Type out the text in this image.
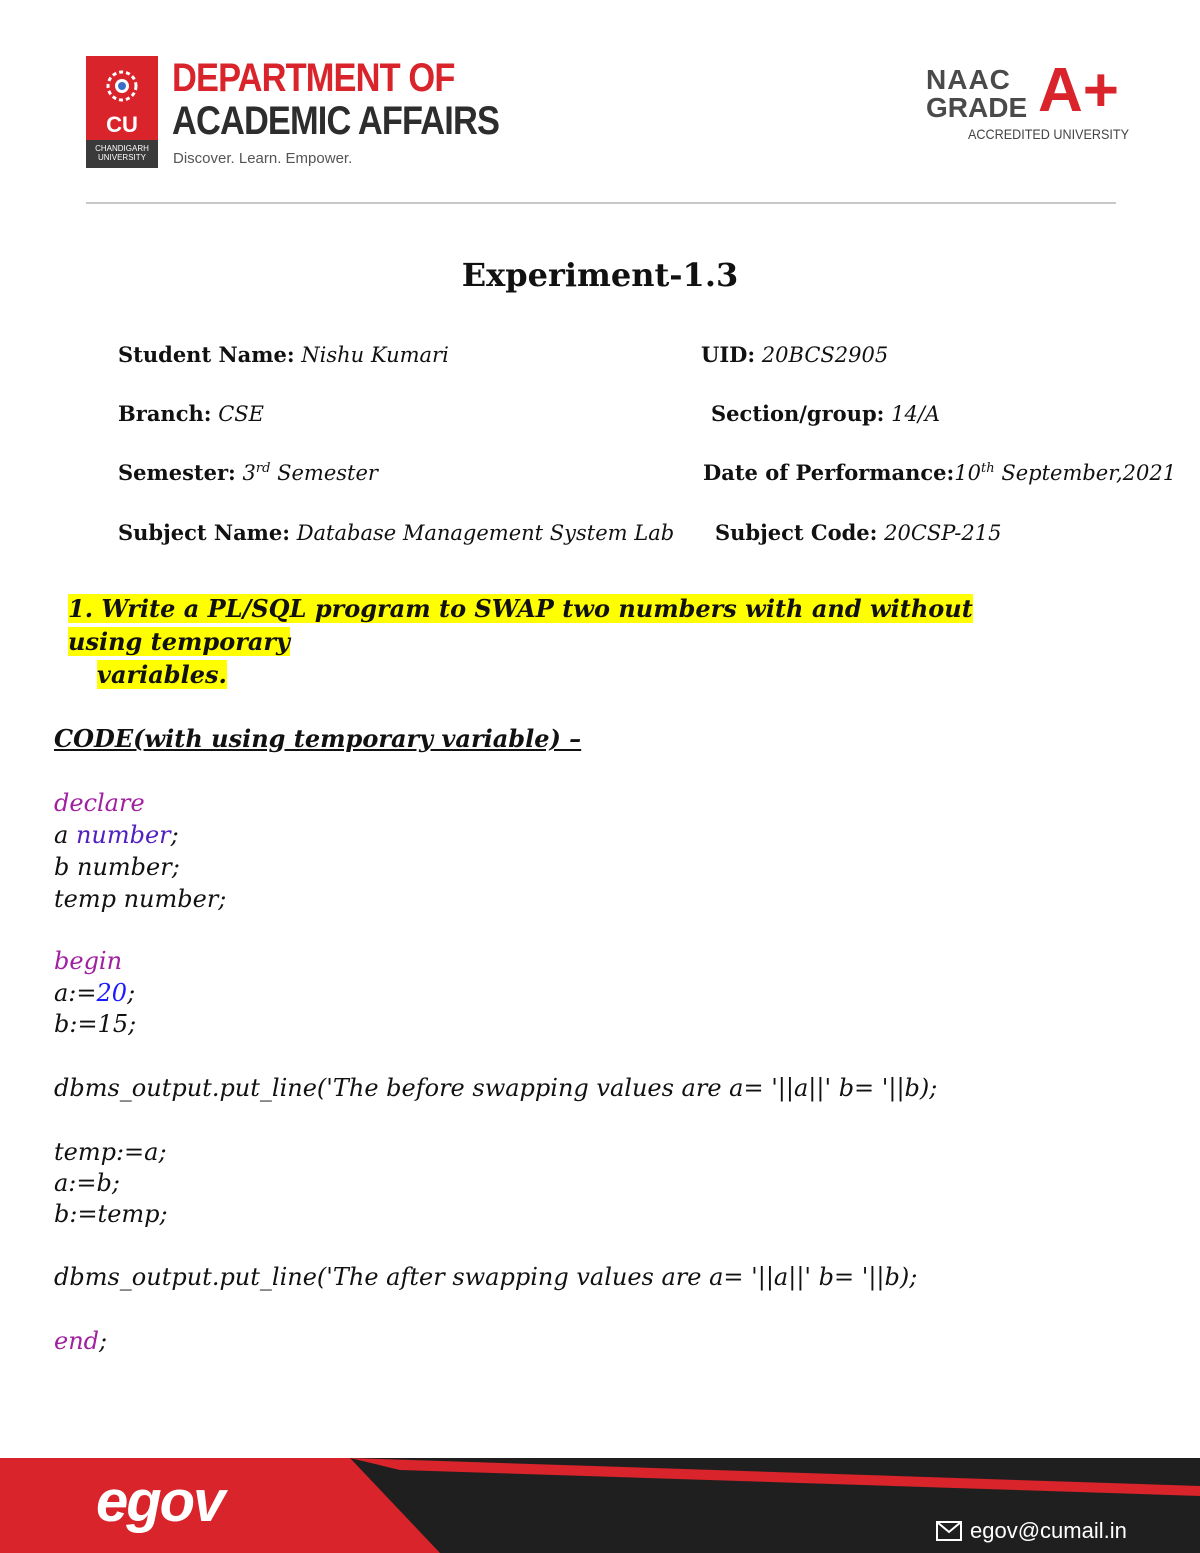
CU
CHANDIGARH UNIVERSITY
DEPARTMENT OF
ACADEMIC AFFAIRS
Discover. Learn. Empower.
NAAC
GRADE A+
ACCREDITED UNIVERSITY
Experiment-1.3
Student Name: Nishu Kumari	UID: 20BCS2905
Branch: CSE	Section/group: 14/A
Semester: 3rd Semester	Date of Performance:10th September,2021
Subject Name: Database Management System Lab Subject Code: 20CSP-215
1. Write a PL/SQL program to SWAP two numbers with and without using temporary
variables.
CODE(with using temporary variable) –
declare
a number;
b number;
temp number;
begin
a:=20;
b:=15;
dbms_output.put_line('The before swapping values are a= '||a||' b= '||b);
temp:=a;
a:=b;
b:=temp;
dbms_output.put_line('The after swapping values are a= '||a||' b= '||b);
end;
egov	egov@cumail.in
